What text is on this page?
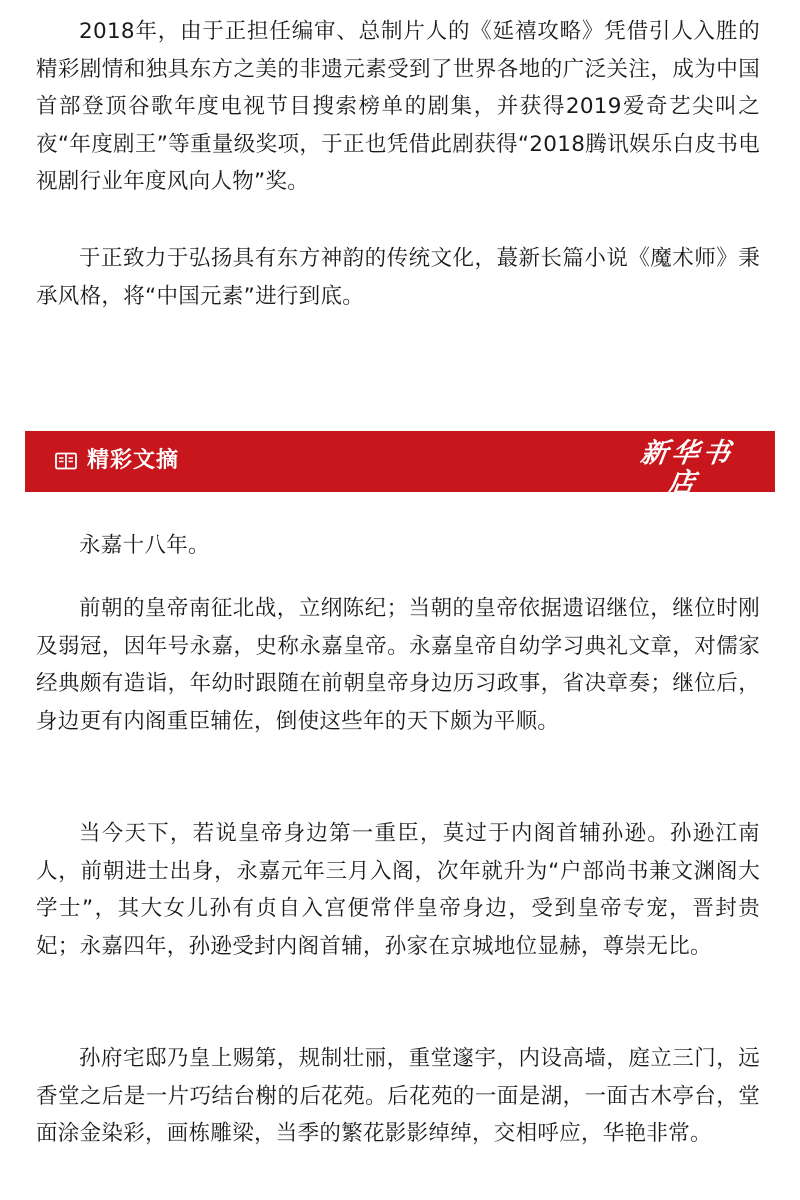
2018年，由于正担任编审、总制片人的《延禧攻略》凭借引人入胜的精彩剧情和独具东方之美的非遗元素受到了世界各地的广泛关注，成为中国首部登顶谷歌年度电视节目搜索榜单的剧集，并获得2019爱奇艺尖叫之夜“年度剧王”等重量级奖项，于正也凭借此剧获得“2018腾讯娱乐白皮书电视剧行业年度风向人物”奖。

于正致力于弘扬具有东方神韵的传统文化，蕞新长篇小说《魔术师》秉承风格，将“中国元素”进行到底。

精彩文摘	新华书店
XINHUA BOOKSTORE

永嘉十八年。

前朝的皇帝南征北战，立纲陈纪；当朝的皇帝依据遗诏继位，继位时刚及弱冠，因年号永嘉，史称永嘉皇帝。永嘉皇帝自幼学习典礼文章，对儒家经典颇有造诣，年幼时跟随在前朝皇帝身边历习政事，省决章奏；继位后，身边更有内阁重臣辅佐，倒使这些年的天下颇为平顺。

当今天下，若说皇帝身边第一重臣，莫过于内阁首辅孙逊。孙逊江南人，前朝进士出身，永嘉元年三月入阁，次年就升为“户部尚书兼文渊阁大学士”，其大女儿孙有贞自入宫便常伴皇帝身边，受到皇帝专宠，晋封贵妃；永嘉四年，孙逊受封内阁首辅，孙家在京城地位显赫，尊崇无比。

孙府宅邸乃皇上赐第，规制壮丽，重堂邃宇，内设高墙，庭立三门，远香堂之后是一片巧结台榭的后花苑。后花苑的一面是湖，一面古木亭台，堂面涂金染彩，画栋雕梁，当季的繁花影影绰绰，交相呼应，华艳非常。
